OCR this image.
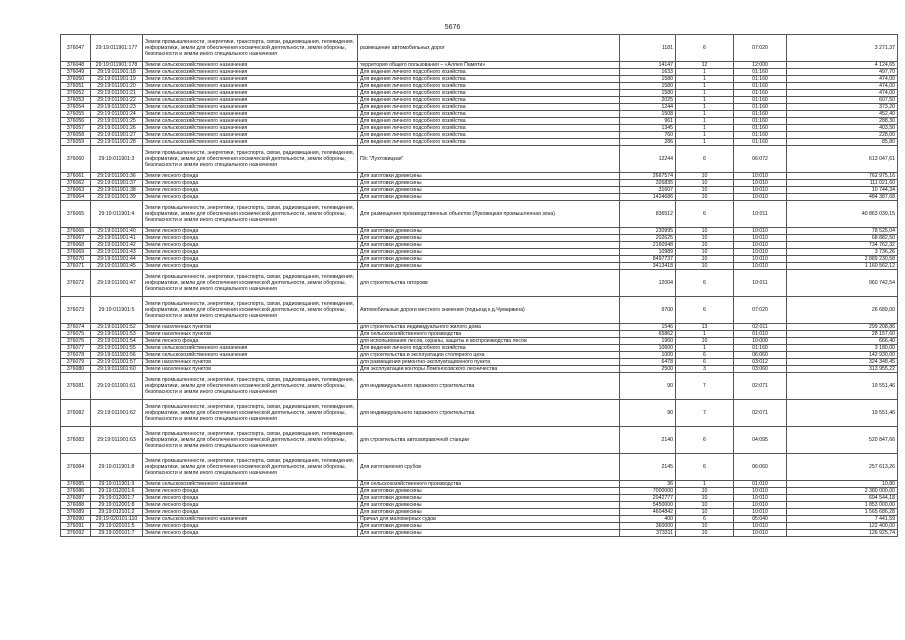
5676
376047	29:19:011901:177	Земли промышленности, энергетики, транспорта, связи, радиовещания, телевидения, информатики, земли для обеспечения космической деятельности, земли обороны, безопасности и земли иного специального назначения	размещение автомобильных дорог	1181	6	07:020	3 271,37
376048	29:19:011901:178	Земли сельскохозяйственного назначения	территория общего пользования – «Аллея Памяти»	14147	12	12:000	4 124,65
376049	29:19:011901:18	Земли сельскохозяйственного назначения	Для ведения личного подсобного хозяйства	1633	1	01:160	497,70
376050	29:19:011901:19	Земли сельскохозяйственного назначения	Для ведения личного подсобного хозяйства	1580	1	01:160	474,00
376051	29:19:011901:20	Земли сельскохозяйственного назначения	Для ведения личного подсобного хозяйства	1580	1	01:160	474,00
376052	29:19:011901:21	Земли сельскохозяйственного назначения	Для ведения личного подсобного хозяйства	1580	1	01:160	474,00
376053	29:19:011901:22	Земли сельскохозяйственного назначения	Для ведения личного подсобного хозяйства	2025	1	01:160	607,50
376054	29:19:011901:23	Земли сельскохозяйственного назначения	Для ведения личного подсобного хозяйства	1244	1	01:160	373,20
376055	29:19:011901:24	Земли сельскохозяйственного назначения	Для ведения личного подсобного хозяйства	1508	1	01:160	452,40
376056	29:19:011901:25	Земли сельскохозяйственного назначения	Для ведения личного подсобного хозяйства	961	1	01:160	288,30
376057	29:19:011901:26	Земли сельскохозяйственного назначения	Для ведения личного подсобного хозяйства	1345	1	01:160	403,50
376058	29:19:011901:27	Земли сельскохозяйственного назначения	Для ведения личного подсобного хозяйства	760	1	01:160	228,00
376059	29:19:011901:28	Земли сельскохозяйственного назначения	Для ведения личного подсобного хозяйства	286	1	01:160	85,80
376060	29:19:011901:3	Земли промышленности, энергетики, транспорта, связи, радиовещания, телевидения, информатики, земли для обеспечения космической деятельности, земли обороны, безопасности и земли иного специального назначения	П/с "Лухтовицкая"	12244	6	06:072	613 047,61
376061	29:19:011901:36	Земли лесного фонда	Для заготовки древесины	2667574	10	10:010	762 975,16
376062	29:19:011901:37	Земли лесного фонда	Для заготовки древесины	326835	10	10:010	111 021,60
376063	29:19:011901:38	Земли лесного фонда	Для заготовки древесины	31607	10	10:010	10 744,34
376064	29:19:011901:39	Земли лесного фонда	Для заготовки древесины	1424686	10	10:010	484 387,68
376065	29:19:011901:4	Земли промышленности, энергетики, транспорта, связи, радиовещания, телевидения, информатики, земли для обеспечения космической деятельности, земли обороны, безопасности и земли иного специального назначения	Для размещения производственных объектов (Луковицкая промышленная зона)	836512	6	10:011	40 863 039,15
376066	29:19:011901:40	Земли лесного фонда	Для заготовки древесины	230995	10	10:010	78 525,04
376067	29:19:011901:41	Земли лесного фонда	Для заготовки древесины	202625	10	10:010	68 882,50
376068	29:19:011901:42	Земли лесного фонда	Для заготовки древесины	2160948	10	10:010	734 762,32
376069	29:19:011901:43	Земли лесного фонда	Для заготовки древесины	10989	10	10:010	3 736,26
376070	29:19:011901:44	Земли лесного фонда	Для заготовки древесины	8497737	10	10:010	2 889 230,58
376071	29:19:011901:45	Земли лесного фонда	Для заготовки древесины	3413418	10	10:010	1 160 562,12
376072	29:19:011901:47	Земли промышленности, энергетики, транспорта, связи, радиовещания, телевидения, информатики, земли для обеспечения космической деятельности, земли обороны, безопасности и земли иного специального назначения	для строительства гаторовв	12004	6	10:011	960 742,54
376073	29:19:011901:5	Земли промышленности, энергетики, транспорта, связи, радиовещания, телевидения, информатики, земли для обеспечения космической деятельности, земли обороны, безопасности и земли иного специального назначения	Автомобильные дороги местного значения (подъезд к д.Чумарвина)	9700	6	07:020	26 689,00
376074	29:19:011901:52	Земли населенных пунктов	для строительства индивидуального жилого дома	1546	13	02:011	299 208,86
376075	29:19:011901:53	Земли населенных пунктов	Для сельскохозяйственного производства	65862	1	01:010	28 157,60
376076	29:19:011901:54	Земли лесного фонда	для использования лесов, охраны, защиты и воспроизводства лесов	1960	10	10:000	666,40
376077	29:19:011901:55	Земли сельскохозяйственного назначения	Для ведения личного подсобного хозяйства	10600	1	01:160	3 180,00
376078	29:19:011901:56	Земли сельскохозяйственного назначения	для строительства и эксплуатации столярного цеха	1000	6	06:060	142 930,00
376079	29:19:011901:57	Земли населенных пунктов	для размещения ремонтно-эксплуатационного пункта	6478	6	03:012	324 348,45
376080	29:19:011901:60	Земли населенных пунктов	Для эксплуатации конторы Ломоносовского лесничества	2500	3	03:060	313 955,22
376081	29:19:011901:61	Земли промышленности, энергетики, транспорта, связи, радиовещания, телевидения, информатики, земли для обеспечения космической деятельности, земли обороны, безопасности и земли иного специального назначения	для индивидуального гаражного строительства	90	7	02:071	19 551,46
376082	29:19:011901:62	Земли промышленности, энергетики, транспорта, связи, радиовещания, телевидения, информатики, земли для обеспечения космической деятельности, земли обороны, безопасности и земли иного специального назначения	для индивидуального гаражного строительства	90	7	02:071	19 551,46
376083	29:19:011901:63	Земли промышленности, энергетики, транспорта, связи, радиовещания, телевидения, информатики, земли для обеспечения космической деятельности, земли обороны, безопасности и земли иного специального назначения	для строительства автозаправочной станции	2140	6	04:095	520 847,66
376084	29:19:011901:8	Земли промышленности, энергетики, транспорта, связи, радиовещания, телевидения, информатики, земли для обеспечения космической деятельности, земли обороны, безопасности и земли иного специального назначения	Для изготовления срубов	2145	6	06:060	257 613,26
376085	29:19:011901:9	Земли сельскохозяйственного назначения	Для сельскохозяйственного производства	36	1	01:010	10,80
376086	29:19:012001:6	Земли лесного фонда	Для заготовки древесины	7000000	10	10:010	2 380 000,00
376087	29:19:012001:7	Земли лесного фонда	Для заготовки древесины	2042777	10	10:010	694 544,18
376088	29:19:012001:8	Земли лесного фонда	Для заготовки древесины	5450000	10	10:010	1 853 000,00
376089	29:19:012101:2	Земли лесного фонда	Для заготовки древесины	4604842	10	10:010	1 565 686,28
376090	29:19:020101:110	Земли сельскохозяйственного назначения	Причал для маломерных судов	400	6	05:040	7 441,59
376091	29:19:020101:5	Земли лесного фонда	Для заготовки древесины	360000	10	10:010	122 400,00
376092	29:19:020101:7	Земли лесного фонда	Для заготовки древесины	373311	10	10:010	126 925,74
